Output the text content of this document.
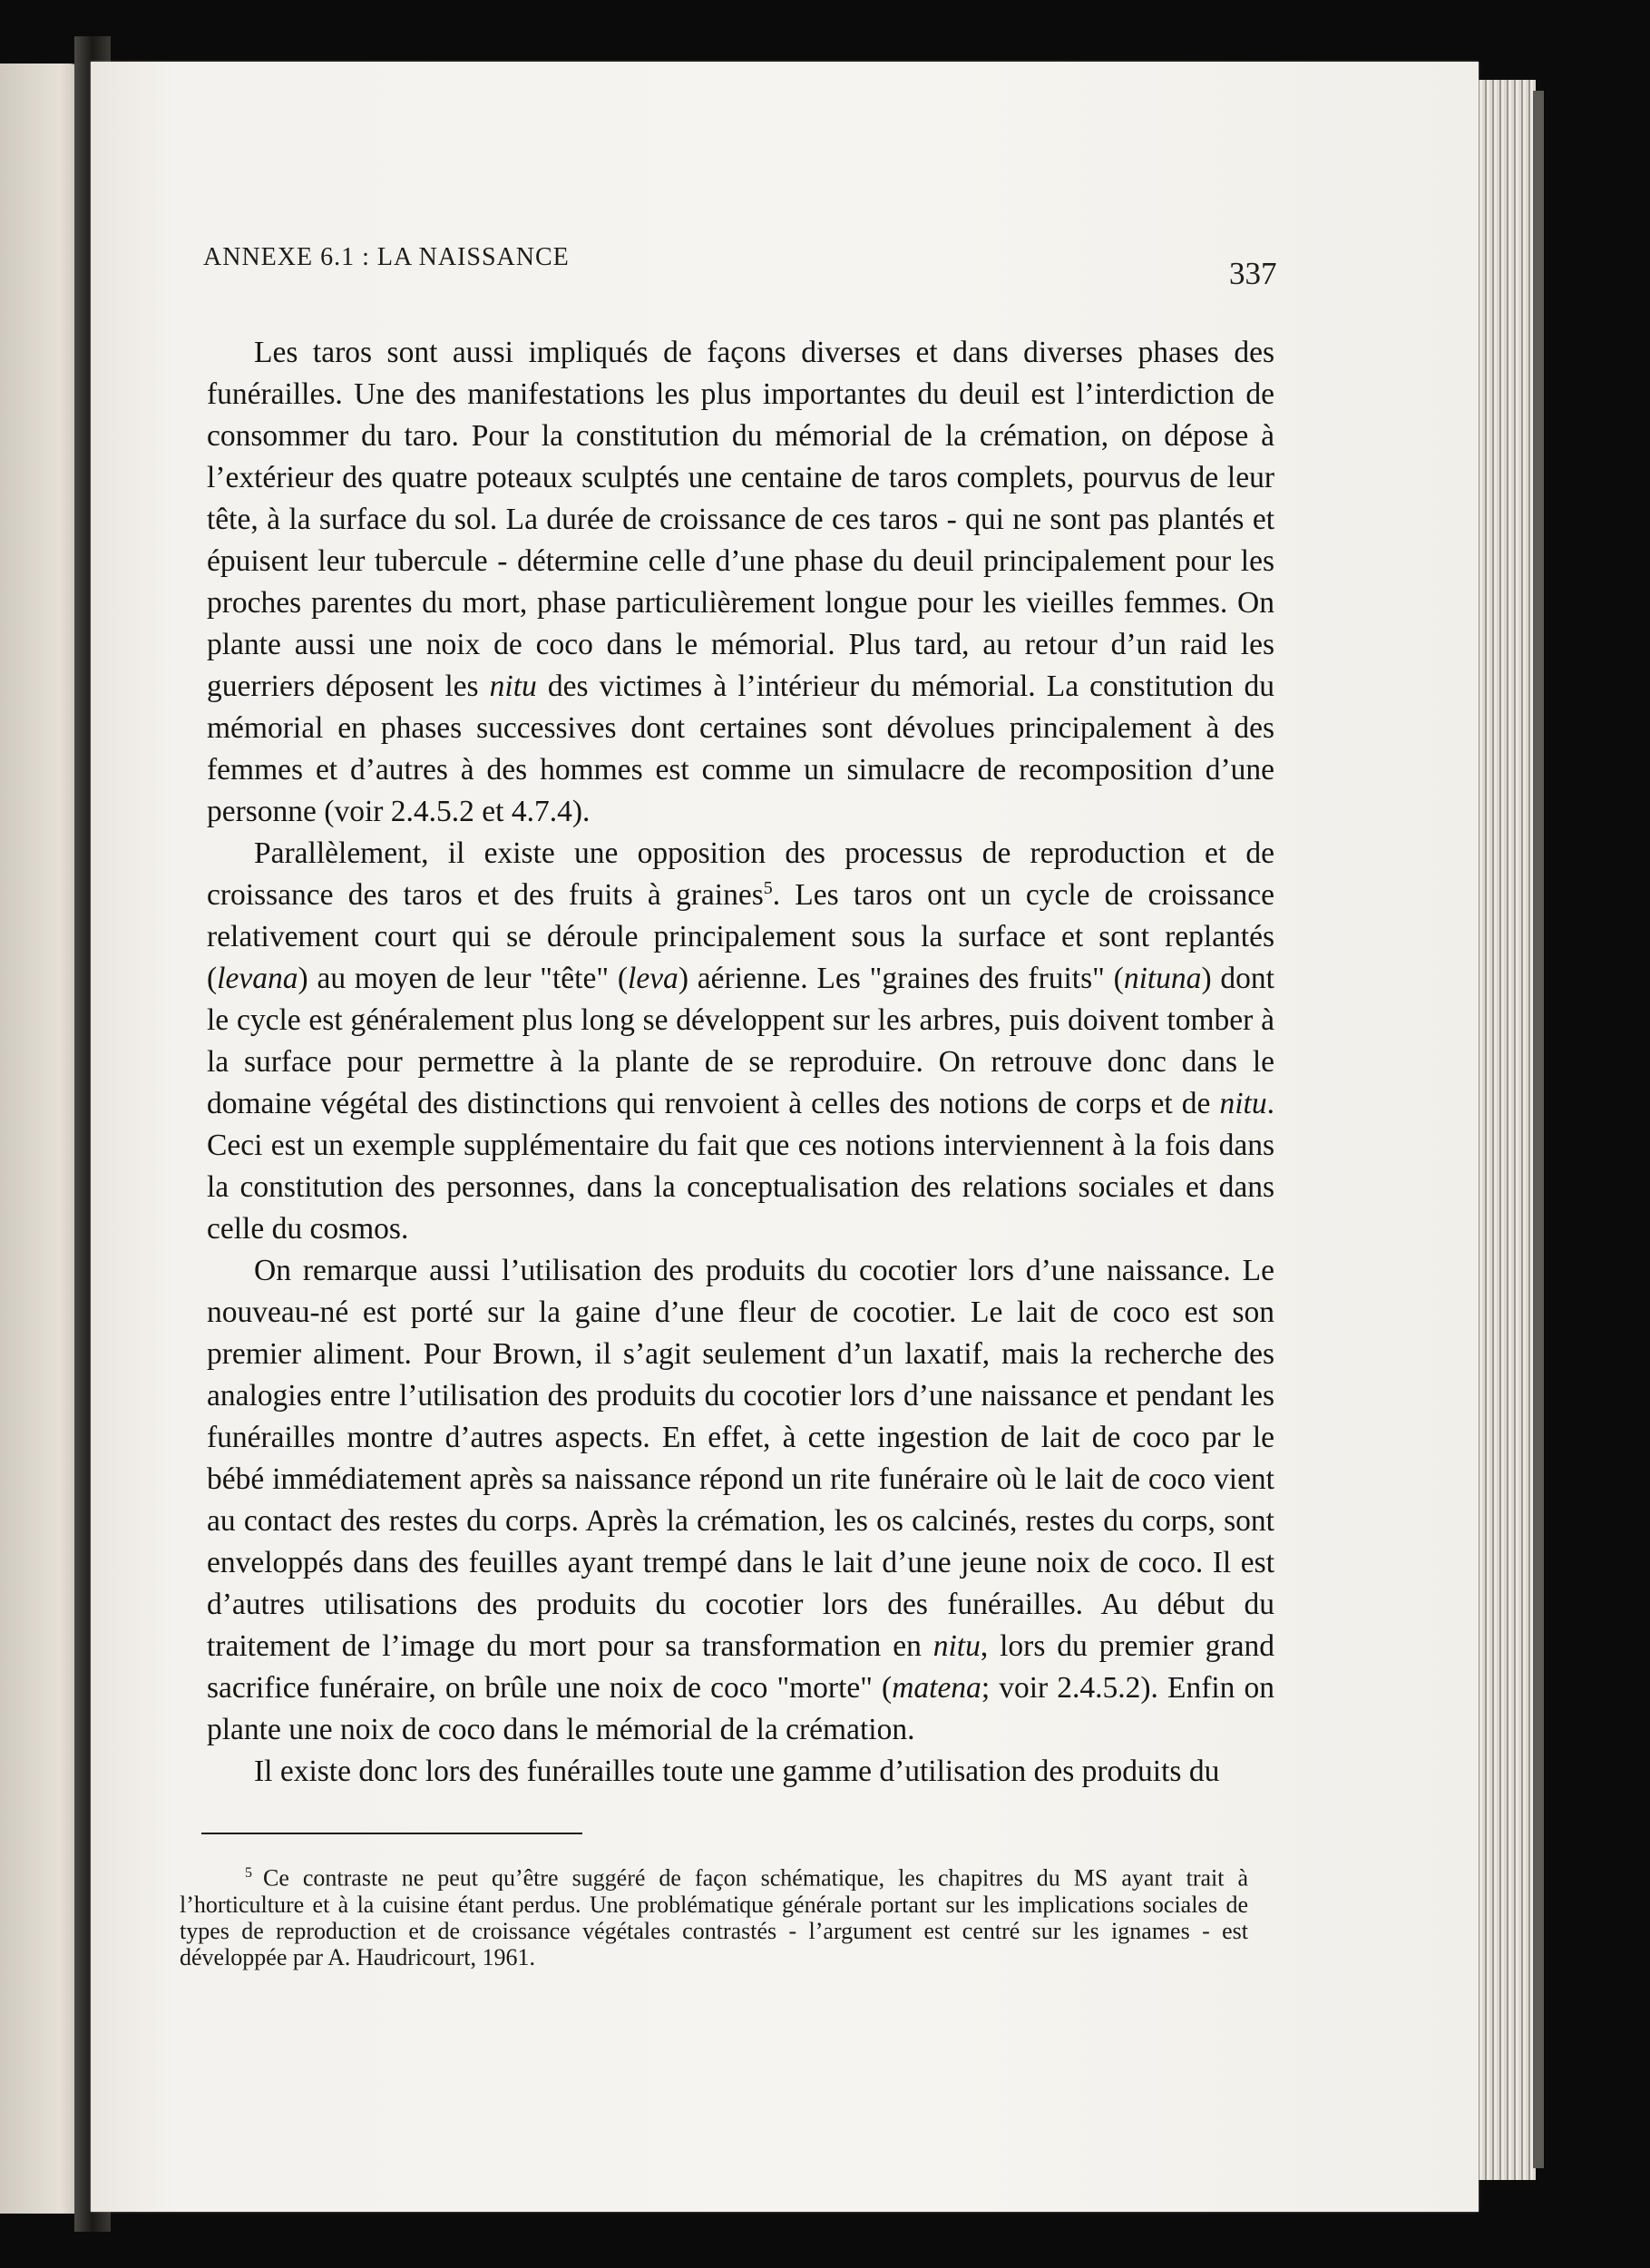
ANNEXE 6.1 : LA NAISSANCE	337

Les taros sont aussi impliqués de façons diverses et dans diverses phases des funérailles. Une des manifestations les plus importantes du deuil est l’interdiction de consommer du taro. Pour la constitution du mémorial de la crémation, on dépose à l’extérieur des quatre poteaux sculptés une centaine de taros complets, pourvus de leur tête, à la surface du sol. La durée de croissance de ces taros - qui ne sont pas plantés et épuisent leur tubercule - détermine celle d’une phase du deuil principalement pour les proches parentes du mort, phase particulièrement longue pour les vieilles femmes. On plante aussi une noix de coco dans le mémorial. Plus tard, au retour d’un raid les guerriers déposent les nitu des victimes à l’intérieur du mémorial. La constitution du mémorial en phases successives dont certaines sont dévolues principalement à des femmes et d’autres à des hommes est comme un simulacre de recomposition d’une personne (voir 2.4.5.2 et 4.7.4).

Parallèlement, il existe une opposition des processus de reproduction et de croissance des taros et des fruits à graines$^5$. Les taros ont un cycle de croissance relativement court qui se déroule principalement sous la surface et sont replantés (levana) au moyen de leur "tête" (leva) aérienne. Les "graines des fruits" (nituna) dont le cycle est généralement plus long se développent sur les arbres, puis doivent tomber à la surface pour permettre à la plante de se reproduire. On retrouve donc dans le domaine végétal des distinctions qui renvoient à celles des notions de corps et de nitu. Ceci est un exemple supplémentaire du fait que ces notions interviennent à la fois dans la constitution des personnes, dans la conceptualisation des relations sociales et dans celle du cosmos.

On remarque aussi l’utilisation des produits du cocotier lors d’une naissance. Le nouveau-né est porté sur la gaine d’une fleur de cocotier. Le lait de coco est son premier aliment. Pour Brown, il s’agit seulement d’un laxatif, mais la recherche des analogies entre l’utilisation des produits du cocotier lors d’une naissance et pendant les funérailles montre d’autres aspects. En effet, à cette ingestion de lait de coco par le bébé immédiatement après sa naissance répond un rite funéraire où le lait de coco vient au contact des restes du corps. Après la crémation, les os calcinés, restes du corps, sont enveloppés dans des feuilles ayant trempé dans le lait d’une jeune noix de coco. Il est d’autres utilisations des produits du cocotier lors des funérailles. Au début du traitement de l’image du mort pour sa transformation en nitu, lors du premier grand sacrifice funéraire, on brûle une noix de coco "morte" (matena; voir 2.4.5.2). Enfin on plante une noix de coco dans le mémorial de la crémation.

Il existe donc lors des funérailles toute une gamme d’utilisation des produits du

5 Ce contraste ne peut qu’être suggéré de façon schématique, les chapitres du MS ayant trait à l’horticulture et à la cuisine étant perdus. Une problématique générale portant sur les implications sociales de types de reproduction et de croissance végétales contrastés - l’argument est centré sur les ignames - est développée par A. Haudricourt, 1961.
